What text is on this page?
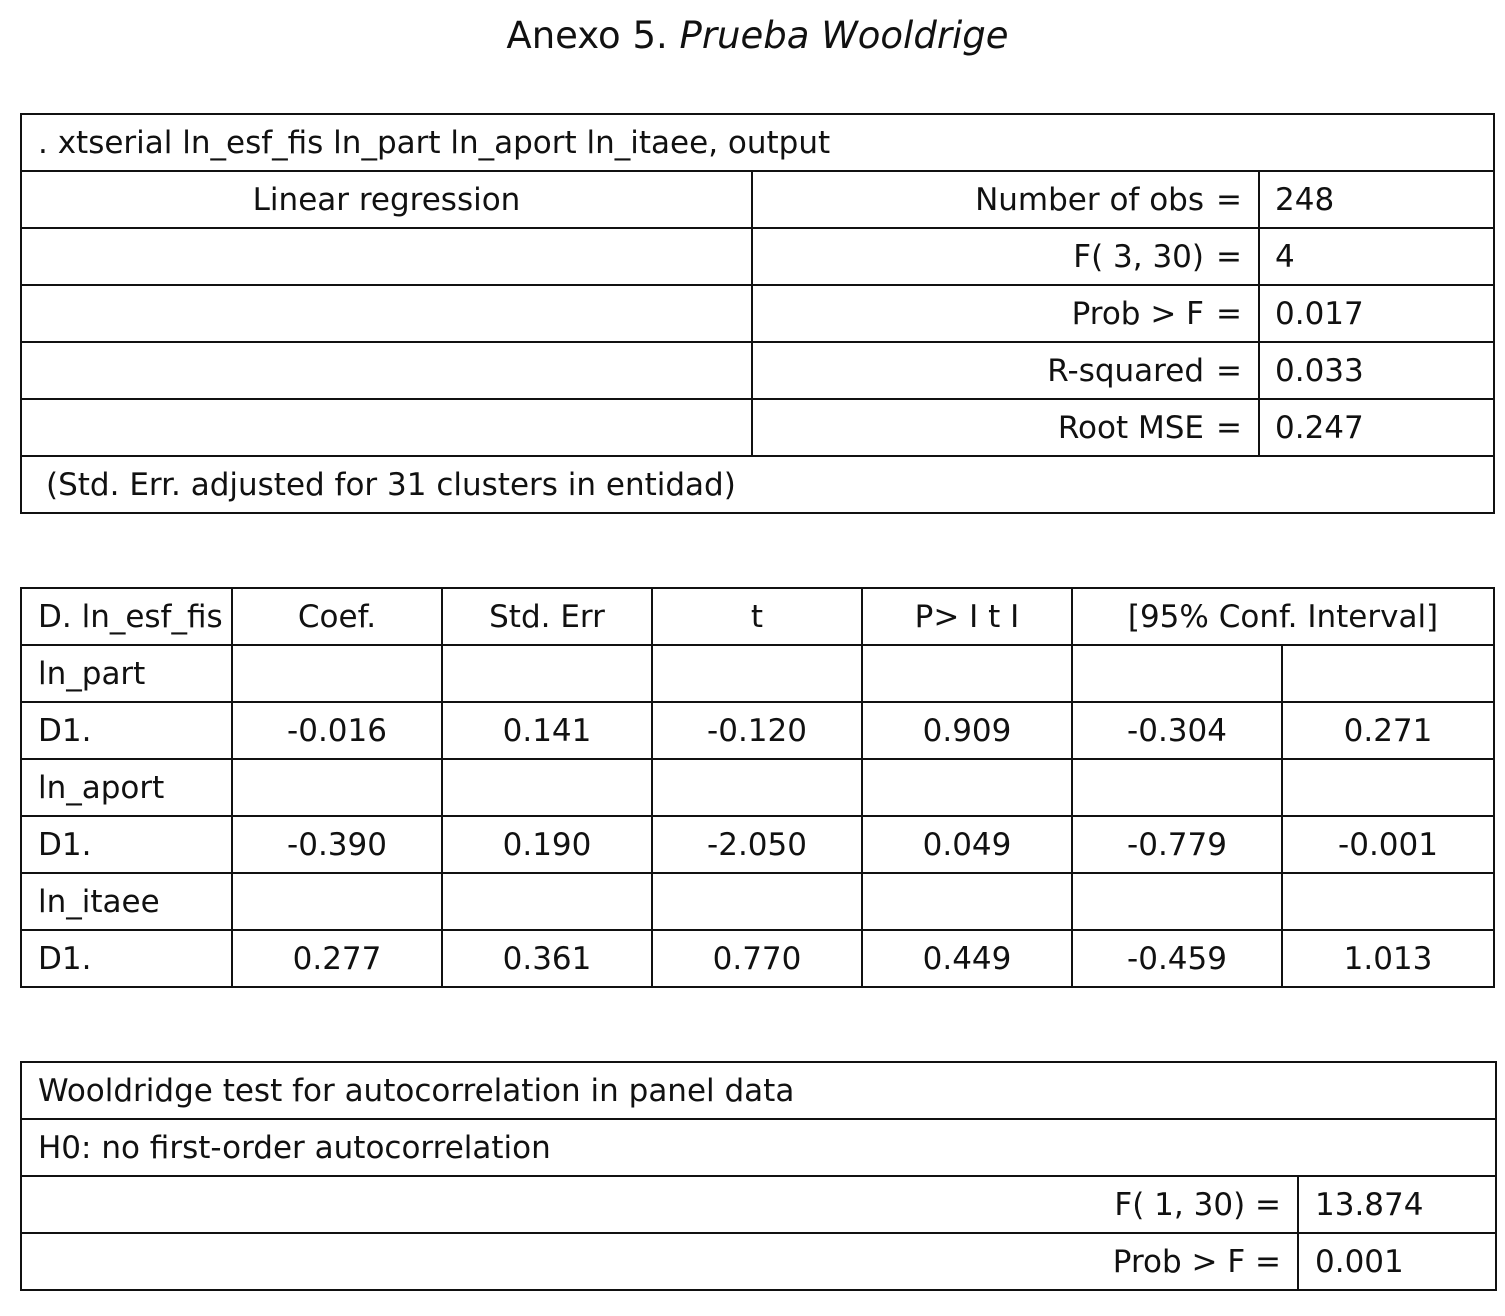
Anexo 5. Prueba Wooldrige
. xtserial ln_esf_fis ln_part ln_aport ln_itaee, output		
Linear regression	Number of obs =	248
	F( 3, 30) =	4
	Prob > F =	0.017
	R-squared =	0.033
	Root MSE =	0.247
(Std. Err. adjusted for 31 clusters in entidad)		
D. ln_esf_fis	Coef.	Std. Err	t	P> I t I	[95% Conf. Interval]	
ln_part						
D1.	-0.016	0.141	-0.120	0.909	-0.304	0.271
ln_aport						
D1.	-0.390	0.190	-2.050	0.049	-0.779	-0.001
ln_itaee						
D1.	0.277	0.361	0.770	0.449	-0.459	1.013
Wooldridge test for autocorrelation in panel data	
H0: no first-order autocorrelation	
F( 1, 30) =	13.874
Prob > F =	0.001
